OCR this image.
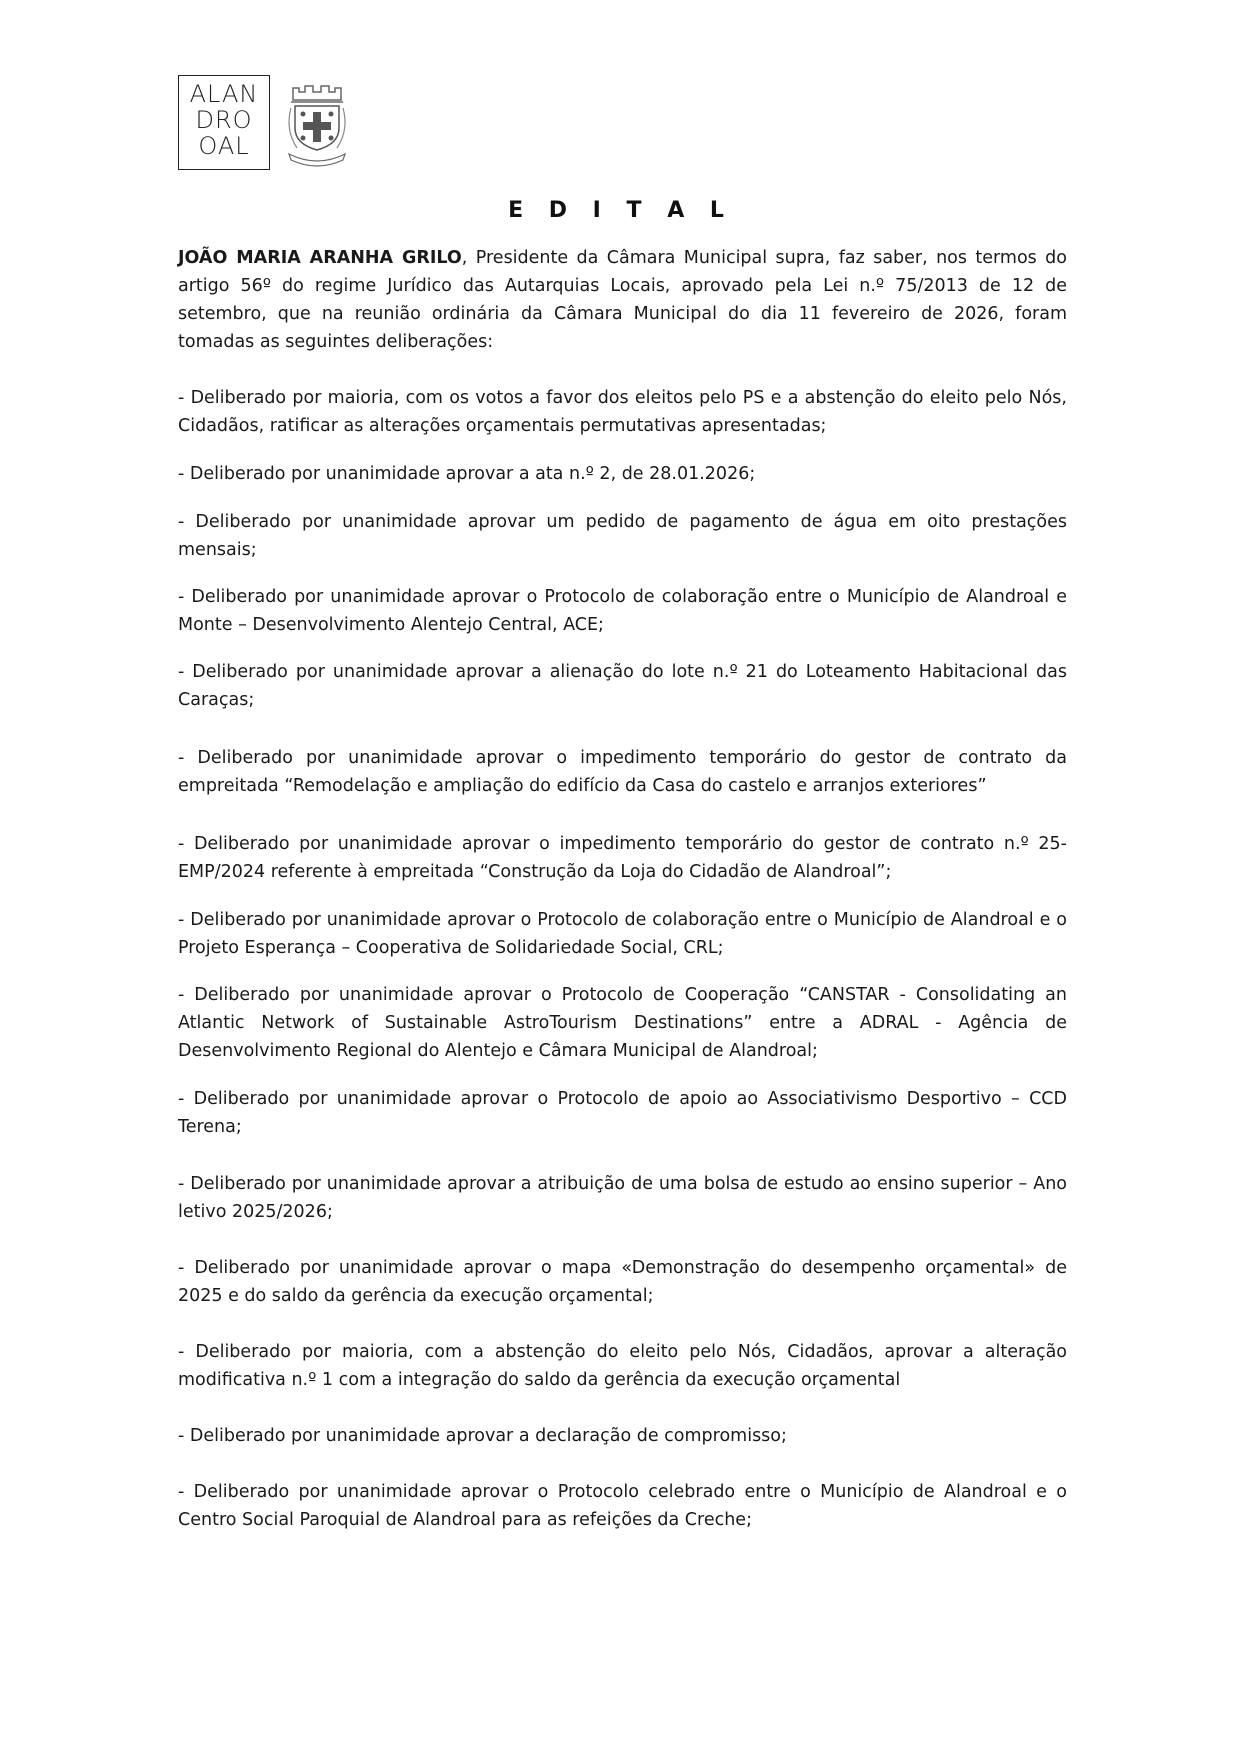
ALAN
DRO
OAL
E D I T A L

JOÃO MARIA ARANHA GRILO, Presidente da Câmara Municipal supra, faz saber, nos termos do artigo 56º do regime Jurídico das Autarquias Locais, aprovado pela Lei n.º 75/2013 de 12 de setembro, que na reunião ordinária da Câmara Municipal do dia 11 fevereiro de 2026, foram tomadas as seguintes deliberações:

- Deliberado por maioria, com os votos a favor dos eleitos pelo PS e a abstenção do eleito pelo Nós, Cidadãos, ratificar as alterações orçamentais permutativas apresentadas;

- Deliberado por unanimidade aprovar a ata n.º 2, de 28.01.2026;

- Deliberado por unanimidade aprovar um pedido de pagamento de água em oito prestações mensais;

- Deliberado por unanimidade aprovar o Protocolo de colaboração entre o Município de Alandroal e Monte – Desenvolvimento Alentejo Central, ACE;

- Deliberado por unanimidade aprovar a alienação do lote n.º 21 do Loteamento Habitacional das Caraças;

- Deliberado por unanimidade aprovar o impedimento temporário do gestor de contrato da empreitada “Remodelação e ampliação do edifício da Casa do castelo e arranjos exteriores”

- Deliberado por unanimidade aprovar o impedimento temporário do gestor de contrato n.º 25-EMP/2024 referente à empreitada “Construção da Loja do Cidadão de Alandroal”;

- Deliberado por unanimidade aprovar o Protocolo de colaboração entre o Município de Alandroal e o Projeto Esperança – Cooperativa de Solidariedade Social, CRL;

- Deliberado por unanimidade aprovar o Protocolo de Cooperação “CANSTAR - Consolidating an Atlantic Network of Sustainable AstroTourism Destinations” entre a ADRAL - Agência de Desenvolvimento Regional do Alentejo e Câmara Municipal de Alandroal;

- Deliberado por unanimidade aprovar o Protocolo de apoio ao Associativismo Desportivo – CCD Terena;

- Deliberado por unanimidade aprovar a atribuição de uma bolsa de estudo ao ensino superior – Ano letivo 2025/2026;

- Deliberado por unanimidade aprovar o mapa «Demonstração do desempenho orçamental» de 2025 e do saldo da gerência da execução orçamental;

- Deliberado por maioria, com a abstenção do eleito pelo Nós, Cidadãos, aprovar a alteração modificativa n.º 1 com a integração do saldo da gerência da execução orçamental

- Deliberado por unanimidade aprovar a declaração de compromisso;

- Deliberado por unanimidade aprovar o Protocolo celebrado entre o Município de Alandroal e o Centro Social Paroquial de Alandroal para as refeições da Creche;
